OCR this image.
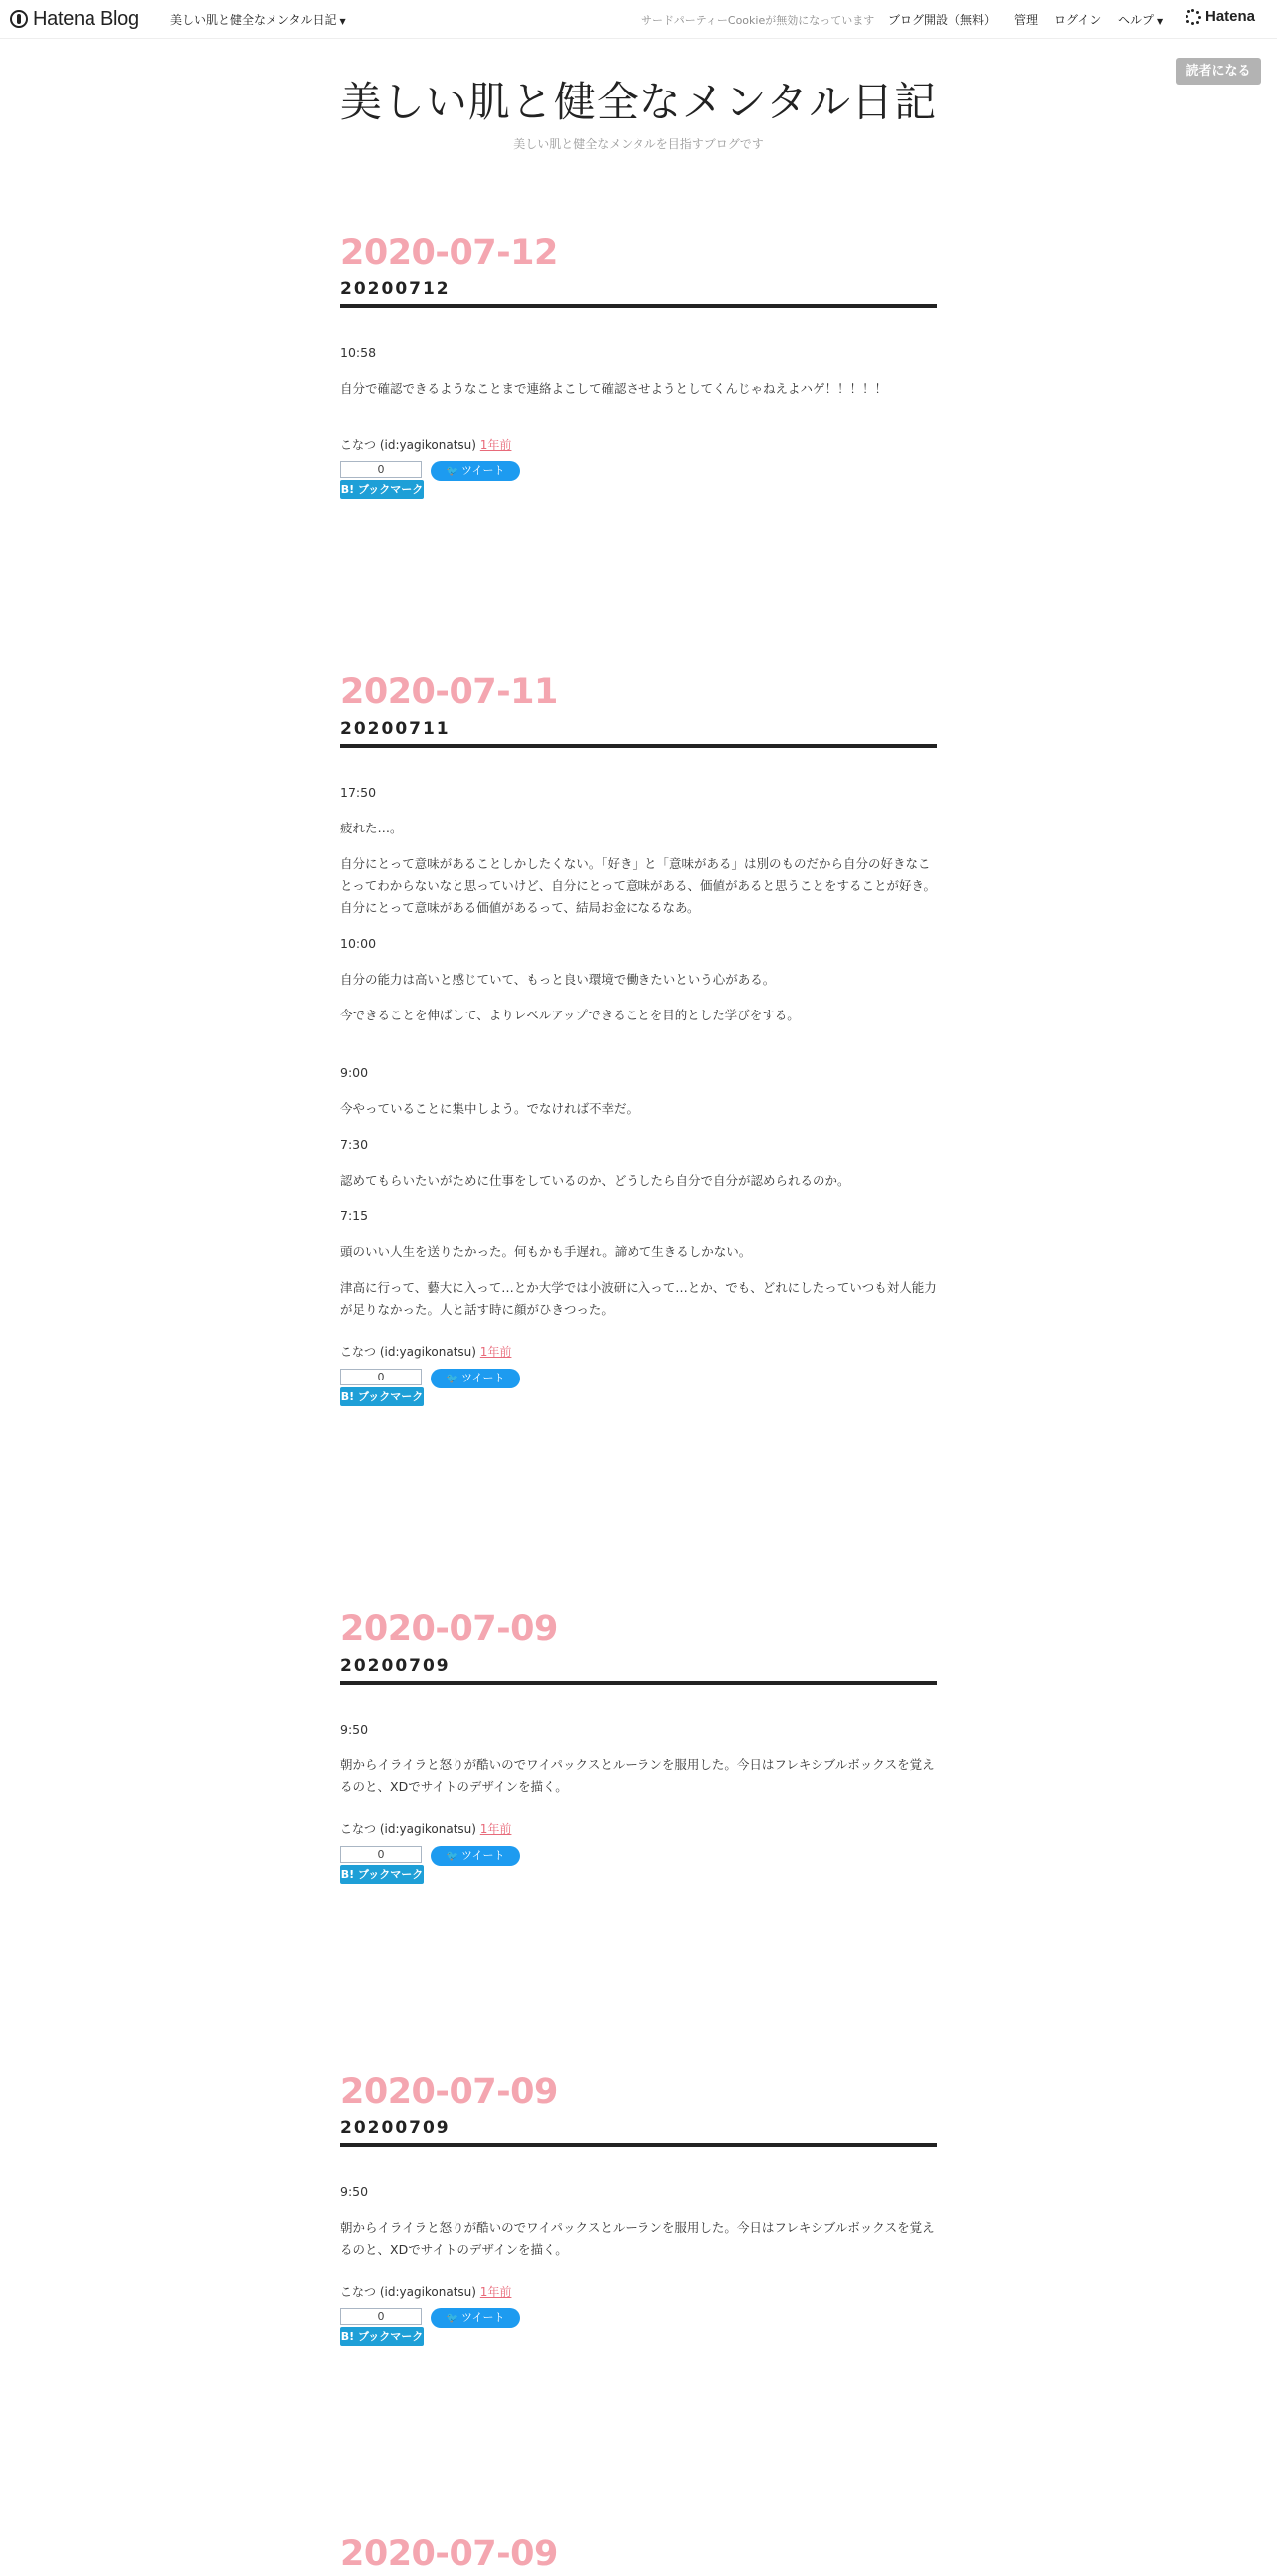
Hatena Blog	美しい肌と健全なメンタル日記 ▼	サードパーティーCookieが無効になっています ブログ開設（無料） 管理 ログイン ヘルプ ▼	Hatena
美しい肌と健全なメンタル日記
美しい肌と健全なメンタルを目指すブログです
読者になる
2020-07-12
20200712

10:58

自分で確認できるようなことまで連絡よこして確認させようとしてくんじゃねえよハゲ！！！！！

こなつ (id:yagikonatsu) 1年前
0
B! ブックマーク
🐦 ツイート
2020-07-11
20200711

17:50

疲れた…。

自分にとって意味があることしかしたくない。「好き」と「意味がある」は別のものだから自分の好きなことってわからないなと思っていけど、自分にとって意味がある、価値があると思うことをすることが好き。自分にとって意味がある価値があるって、結局お金になるなあ。

10:00

自分の能力は高いと感じていて、もっと良い環境で働きたいという心がある。

今できることを伸ばして、よりレベルアップできることを目的とした学びをする。

9:00

今やっていることに集中しよう。でなければ不幸だ。

7:30

認めてもらいたいがために仕事をしているのか、どうしたら自分で自分が認められるのか。

7:15

頭のいい人生を送りたかった。何もかも手遅れ。諦めて生きるしかない。

津高に行って、藝大に入って…とか大学では小波研に入って…とか、でも、どれにしたっていつも対人能力が足りなかった。人と話す時に顔がひきつった。

こなつ (id:yagikonatsu) 1年前
0
B! ブックマーク
🐦 ツイート
2020-07-09
20200709

9:50

朝からイライラと怒りが酷いのでワイパックスとルーランを服用した。今日はフレキシブルボックスを覚えるのと、XDでサイトのデザインを描く。

こなつ (id:yagikonatsu) 1年前
0
B! ブックマーク
🐦 ツイート
2020-07-09
20200709

9:50

朝からイライラと怒りが酷いのでワイパックスとルーランを服用した。今日はフレキシブルボックスを覚えるのと、XDでサイトのデザインを描く。

こなつ (id:yagikonatsu) 1年前
0
B! ブックマーク
🐦 ツイート
2020-07-09
